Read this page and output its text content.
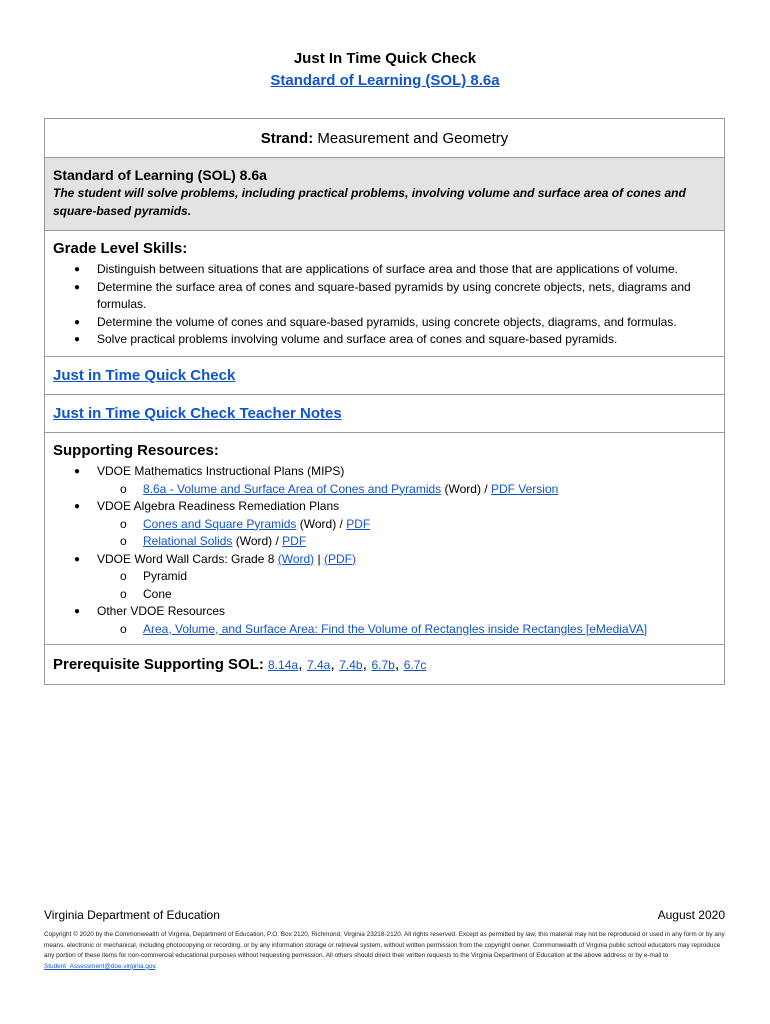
Just In Time Quick Check
Standard of Learning (SOL) 8.6a
Strand: Measurement and Geometry
Standard of Learning (SOL) 8.6a
The student will solve problems, including practical problems, involving volume and surface area of cones and square-based pyramids.
Grade Level Skills:
● Distinguish between situations that are applications of surface area and those that are applications of volume.
● Determine the surface area of cones and square-based pyramids by using concrete objects, nets, diagrams and formulas.
● Determine the volume of cones and square-based pyramids, using concrete objects, diagrams, and formulas.
● Solve practical problems involving volume and surface area of cones and square-based pyramids.
Just in Time Quick Check
Just in Time Quick Check Teacher Notes
Supporting Resources:
● VDOE Mathematics Instructional Plans (MIPS)
o 8.6a - Volume and Surface Area of Cones and Pyramids (Word) / PDF Version
● VDOE Algebra Readiness Remediation Plans
o Cones and Square Pyramids (Word) / PDF
o Relational Solids (Word) / PDF
● VDOE Word Wall Cards: Grade 8 (Word) | (PDF)
o Pyramid
o Cone
● Other VDOE Resources
o Area, Volume, and Surface Area: Find the Volume of Rectangles inside Rectangles [eMediaVA]
Prerequisite Supporting SOL: 8.14a, 7.4a, 7.4b, 6.7b, 6.7c
Virginia Department of Education	August 2020
Copyright © 2020 by the Commonwealth of Virginia, Department of Education, P.O. Box 2120, Richmond, Virginia 23218-2120. All rights reserved. Except as permitted by law, this material may not be reproduced or used in any form or by any means, electronic or mechanical, including photocopying or recording, or by any information storage or retrieval system, without written permission from the copyright owner. Commonwealth of Virginia public school educators may reproduce any portion of these items for non-commercial educational purposes without requesting permission. All others should direct their written requests to the Virginia Department of Education at the above address or by e-mail to Student_Assessment@doe.virginia.gov.
